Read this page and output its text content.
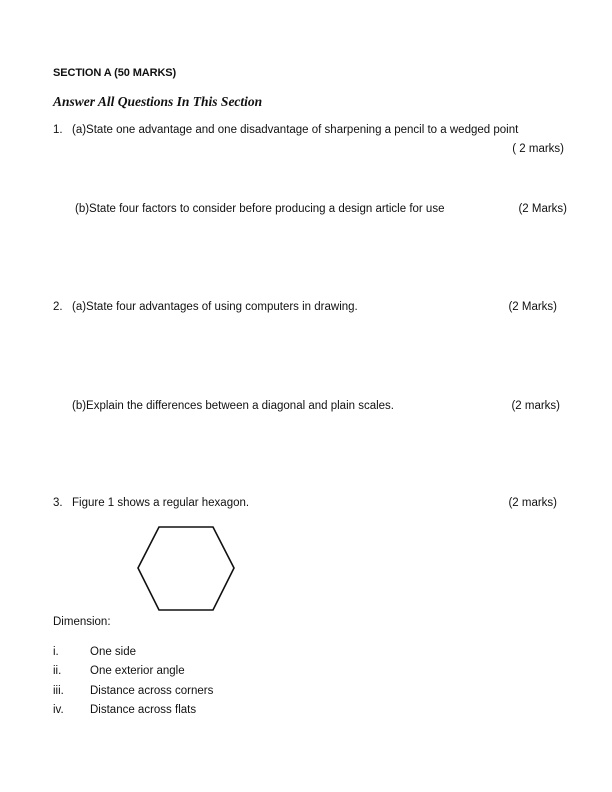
SECTION A (50 MARKS)
Answer All Questions In This Section
1. (a)State one advantage and one disadvantage of sharpening a pencil to a wedged point
( 2 marks)
(b)State four factors to consider before producing a design article for use	(2 Marks)
2. (a)State four advantages of using computers in drawing.	(2 Marks)
(b)Explain the differences between a diagonal and plain scales.	(2 marks)
3. Figure 1 shows a regular hexagon.	(2 marks)
Dimension:
i.	One side
ii. One exterior angle
iii. Distance across corners
iv. Distance across flats
